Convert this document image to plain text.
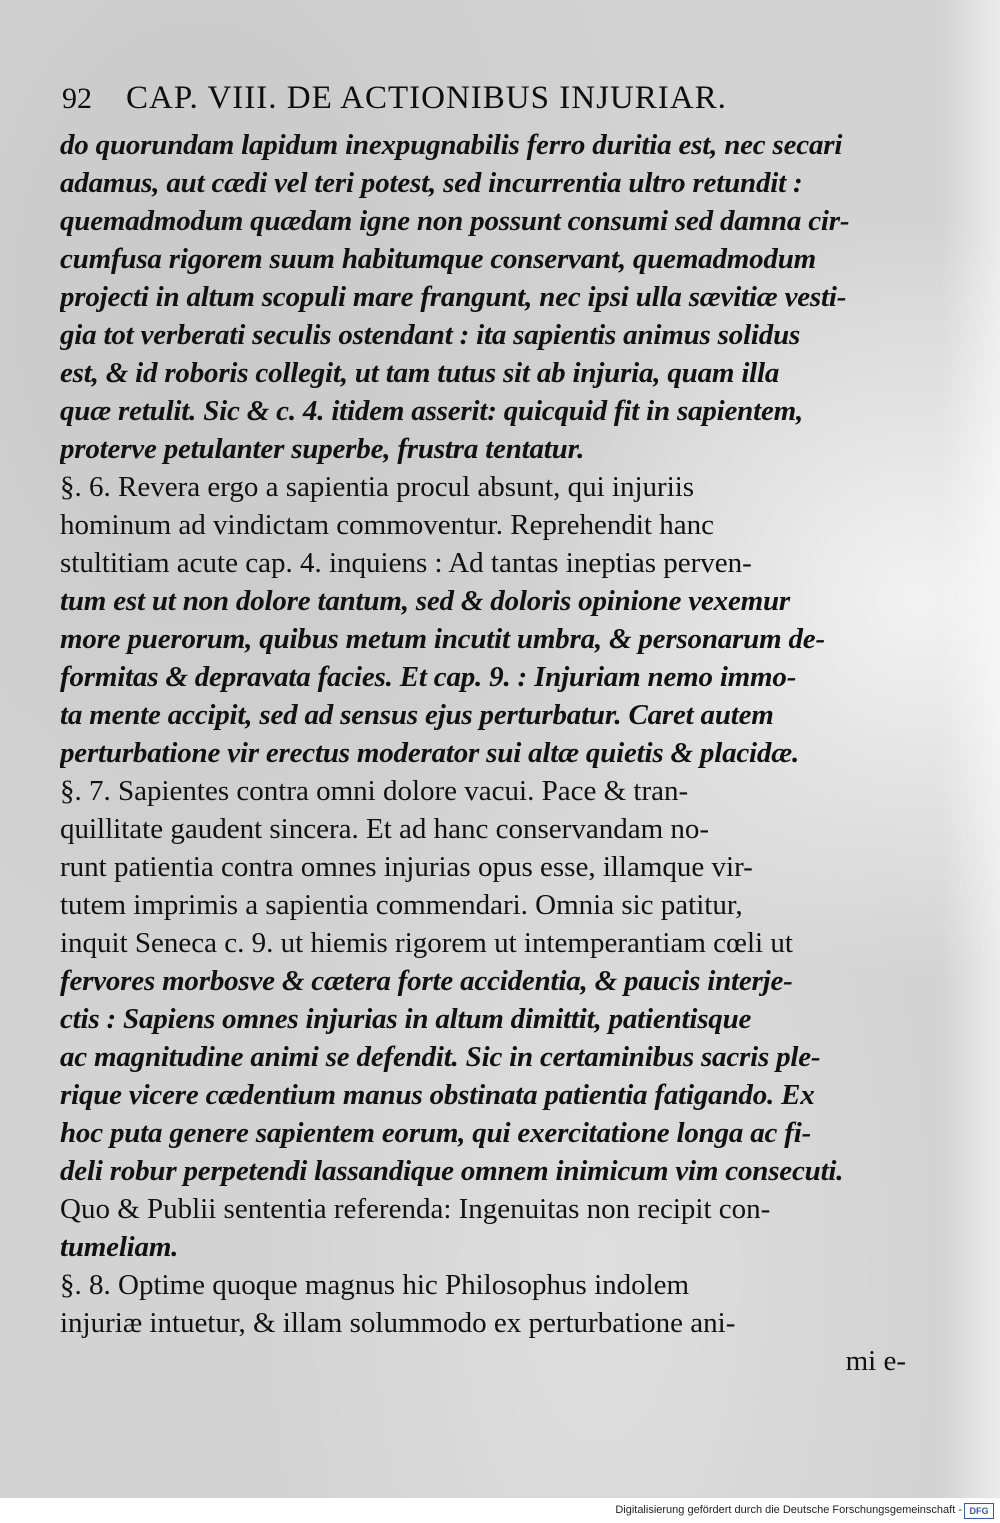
92 CAP. VIII. DE ACTIONIBUS INJURIAR.
do quorundam lapidum inexpugnabilis ferro duritia est, nec secari
adamus, aut cædi vel teri potest, sed incurrentia ultro retundit :
quemadmodum quædam igne non possunt consumi sed damna cir-
cumfusa rigorem suum habitumque conservant, quemadmodum
projecti in altum scopuli mare frangunt, nec ipsi ulla sævitiæ vesti-
gia tot verberati seculis ostendant : ita sapientis animus solidus
est, & id roboris collegit, ut tam tutus sit ab injuria, quam illa
quæ retulit. Sic & c. 4. itidem asserit: quicquid fit in sapientem,
proterve petulanter superbe, frustra tentatur.
§. 6. Revera ergo a sapientia procul absunt, qui injuriis
hominum ad vindictam commoventur. Reprehendit hanc
stultitiam acute cap. 4. inquiens : Ad tantas ineptias perven-
tum est ut non dolore tantum, sed & doloris opinione vexemur
more puerorum, quibus metum incutit umbra, & personarum de-
formitas & depravata facies. Et cap. 9. : Injuriam nemo immo-
ta mente accipit, sed ad sensus ejus perturbatur. Caret autem
perturbatione vir erectus moderator sui altæ quietis & placidæ.
§. 7. Sapientes contra omni dolore vacui. Pace & tran-
quillitate gaudent sincera. Et ad hanc conservandam no-
runt patientia contra omnes injurias opus esse, illamque vir-
tutem imprimis a sapientia commendari. Omnia sic patitur,
inquit Seneca c. 9. ut hiemis rigorem ut intemperantiam cœli ut
fervores morbosve & cætera forte accidentia, & paucis interje-
ctis : Sapiens omnes injurias in altum dimittit, patientisque
ac magnitudine animi se defendit. Sic in certaminibus sacris ple-
rique vicere cædentium manus obstinata patientia fatigando. Ex
hoc puta genere sapientem eorum, qui exercitatione longa ac fi-
deli robur perpetendi lassandique omnem inimicum vim consecuti.
Quo & Publii sententia referenda: Ingenuitas non recipit con-
tumeliam.
§. 8. Optime quoque magnus hic Philosophus indolem
injuriæ intuetur, & illam solummodo ex perturbatione ani-
mi e-
Digitalisierung gefördert durch die Deutsche Forschungsgemeinschaft - DFG
